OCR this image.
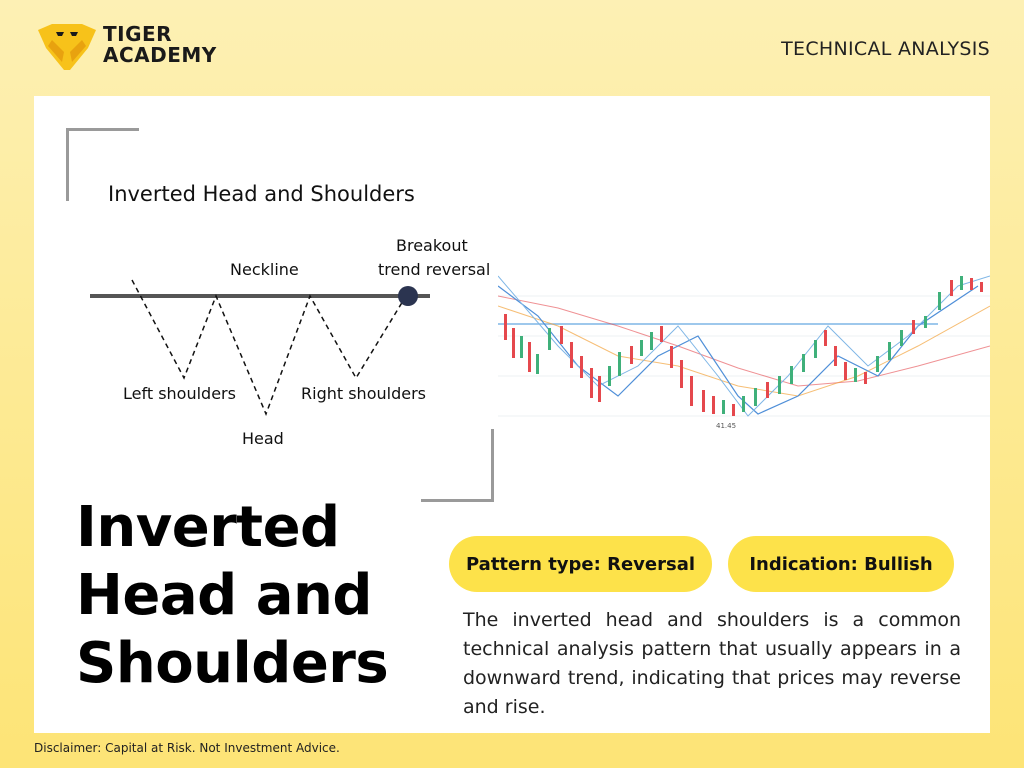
TIGER
ACADEMY	TECHNICAL ANALYSIS
Inverted Head and Shoulders
Neckline
Breakout
trend reversal
Left shoulders
Head
Right shoulders
41.45
Inverted
Head and
Shoulders
Pattern type: Reversal	Indication: Bullish
The inverted head and shoulders is a common technical analysis pattern that usually appears in a downward trend, indicating that prices may reverse and rise.
Disclaimer: Capital at Risk. Not Investment Advice.
